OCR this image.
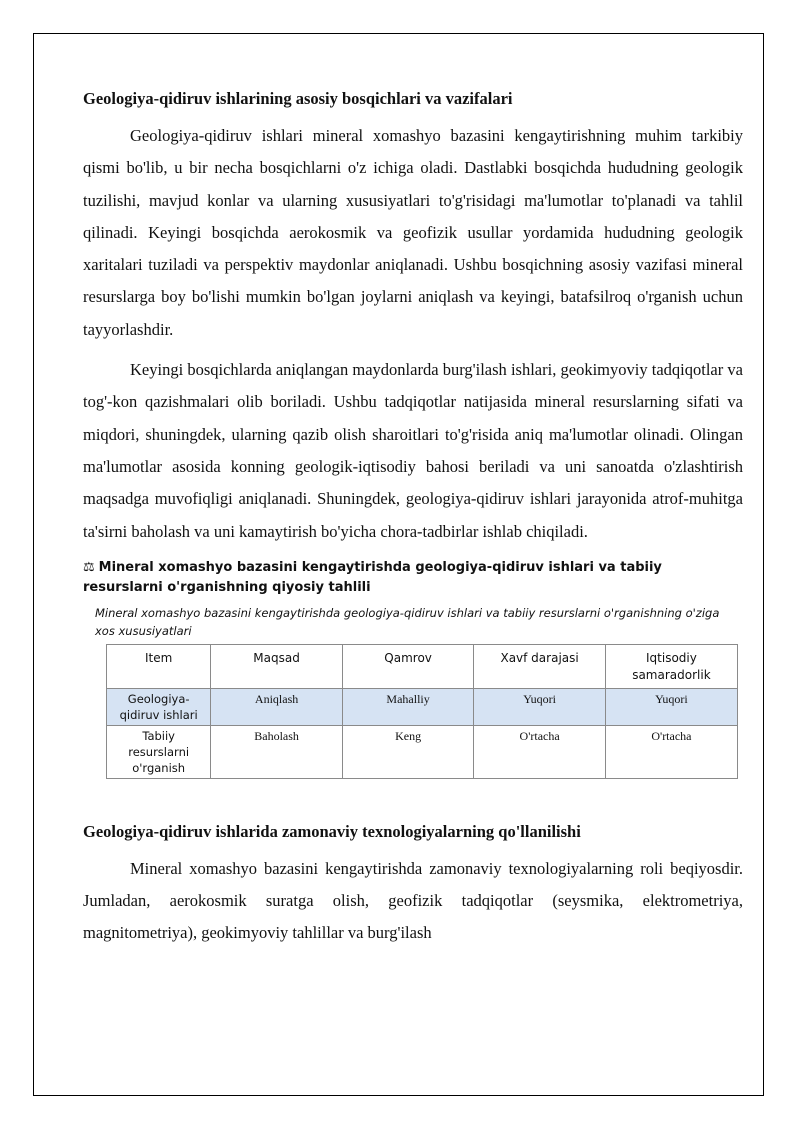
Geologiya-qidiruv ishlarining asosiy bosqichlari va vazifalari

Geologiya-qidiruv ishlari mineral xomashyo bazasini kengaytirishning muhim tarkibiy qismi bo'lib, u bir necha bosqichlarni o'z ichiga oladi. Dastlabki bosqichda hududning geologik tuzilishi, mavjud konlar va ularning xususiyatlari to'g'risidagi ma'lumotlar to'planadi va tahlil qilinadi. Keyingi bosqichda aerokosmik va geofizik usullar yordamida hududning geologik xaritalari tuziladi va perspektiv maydonlar aniqlanadi. Ushbu bosqichning asosiy vazifasi mineral resurslarga boy bo'lishi mumkin bo'lgan joylarni aniqlash va keyingi, batafsilroq o'rganish uchun tayyorlashdir.

Keyingi bosqichlarda aniqlangan maydonlarda burg'ilash ishlari, geokimyoviy tadqiqotlar va tog'-kon qazishmalari olib boriladi. Ushbu tadqiqotlar natijasida mineral resurslarning sifati va miqdori, shuningdek, ularning qazib olish sharoitlari to'g'risida aniq ma'lumotlar olinadi. Olingan ma'lumotlar asosida konning geologik-iqtisodiy bahosi beriladi va uni sanoatda o'zlashtirish maqsadga muvofiqligi aniqlanadi. Shuningdek, geologiya-qidiruv ishlari jarayonida atrof-muhitga ta'sirni baholash va uni kamaytirish bo'yicha chora-tadbirlar ishlab chiqiladi.

⚖ Mineral xomashyo bazasini kengaytirishda geologiya-qidiruv ishlari va tabiiy resurslarni o'rganishning qiyosiy tahlili
Mineral xomashyo bazasini kengaytirishda geologiya-qidiruv ishlari va tabiiy resurslarni o'rganishning o'ziga xos xususiyatlari
Item	Maqsad	Qamrov	Xavf darajasi	Iqtisodiy samaradorlik
Geologiya-qidiruv ishlari	Aniqlash	Mahalliy	Yuqori	Yuqori
Tabiiy resurslarni o'rganish	Baholash	Keng	O'rtacha	O'rtacha
Geologiya-qidiruv ishlarida zamonaviy texnologiyalarning qo'llanilishi

Mineral xomashyo bazasini kengaytirishda zamonaviy texnologiyalarning roli beqiyosdir. Jumladan, aerokosmik suratga olish, geofizik tadqiqotlar (seysmika, elektrometriya, magnitometriya), geokimyoviy tahlillar va burg'ilash
